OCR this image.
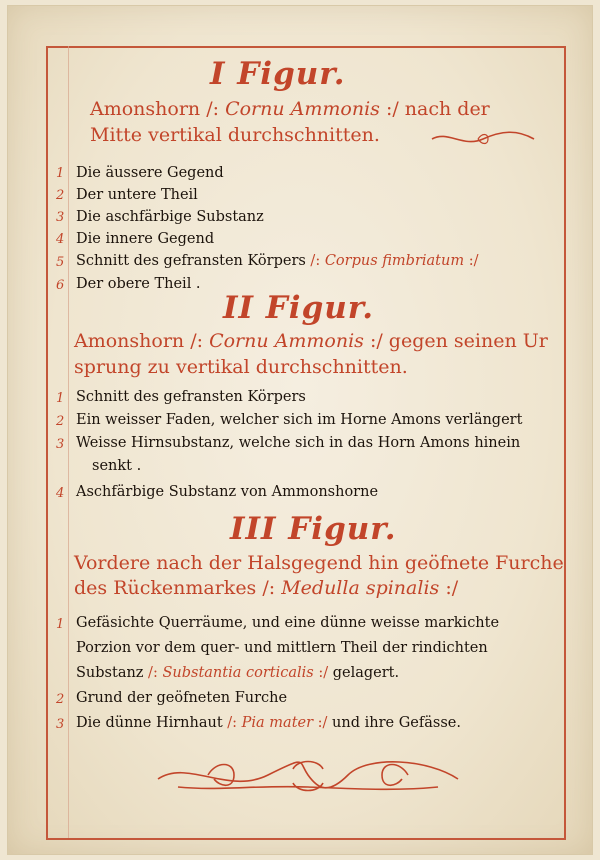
I Figur.
Amonshorn /: Cornu Ammonis :/ nach der
Mitte vertikal durchschnitten.
1 Die äussere Gegend
2 Der untere Theil
3 Die aschfärbige Substanz
4 Die innere Gegend
5 Schnitt des gefransten Körpers /: Corpus fimbriatum :/
6 Der obere Theil .
II Figur.
Amonshorn /: Cornu Ammonis :/ gegen seinen Ur
sprung zu vertikal durchschnitten.
1 Schnitt des gefransten Körpers
2 Ein weisser Faden, welcher sich im Horne Amons verlängert
3 Weisse Hirnsubstanz, welche sich in das Horn Amons hinein
senkt .
4 Aschfärbige Substanz von Ammonshorne
III Figur.
Vordere nach der Halsgegend hin geöfnete Furche
des Rückenmarkes /: Medulla spinalis :/
1 Gefäsichte Querräume, und eine dünne weisse markichte
Porzion vor dem quer- und mittlern Theil der rindichten
Substanz /: Substantia corticalis :/ gelagert.
2 Grund der geöfneten Furche
3 Die dünne Hirnhaut /: Pia mater :/ und ihre Gefässe.
